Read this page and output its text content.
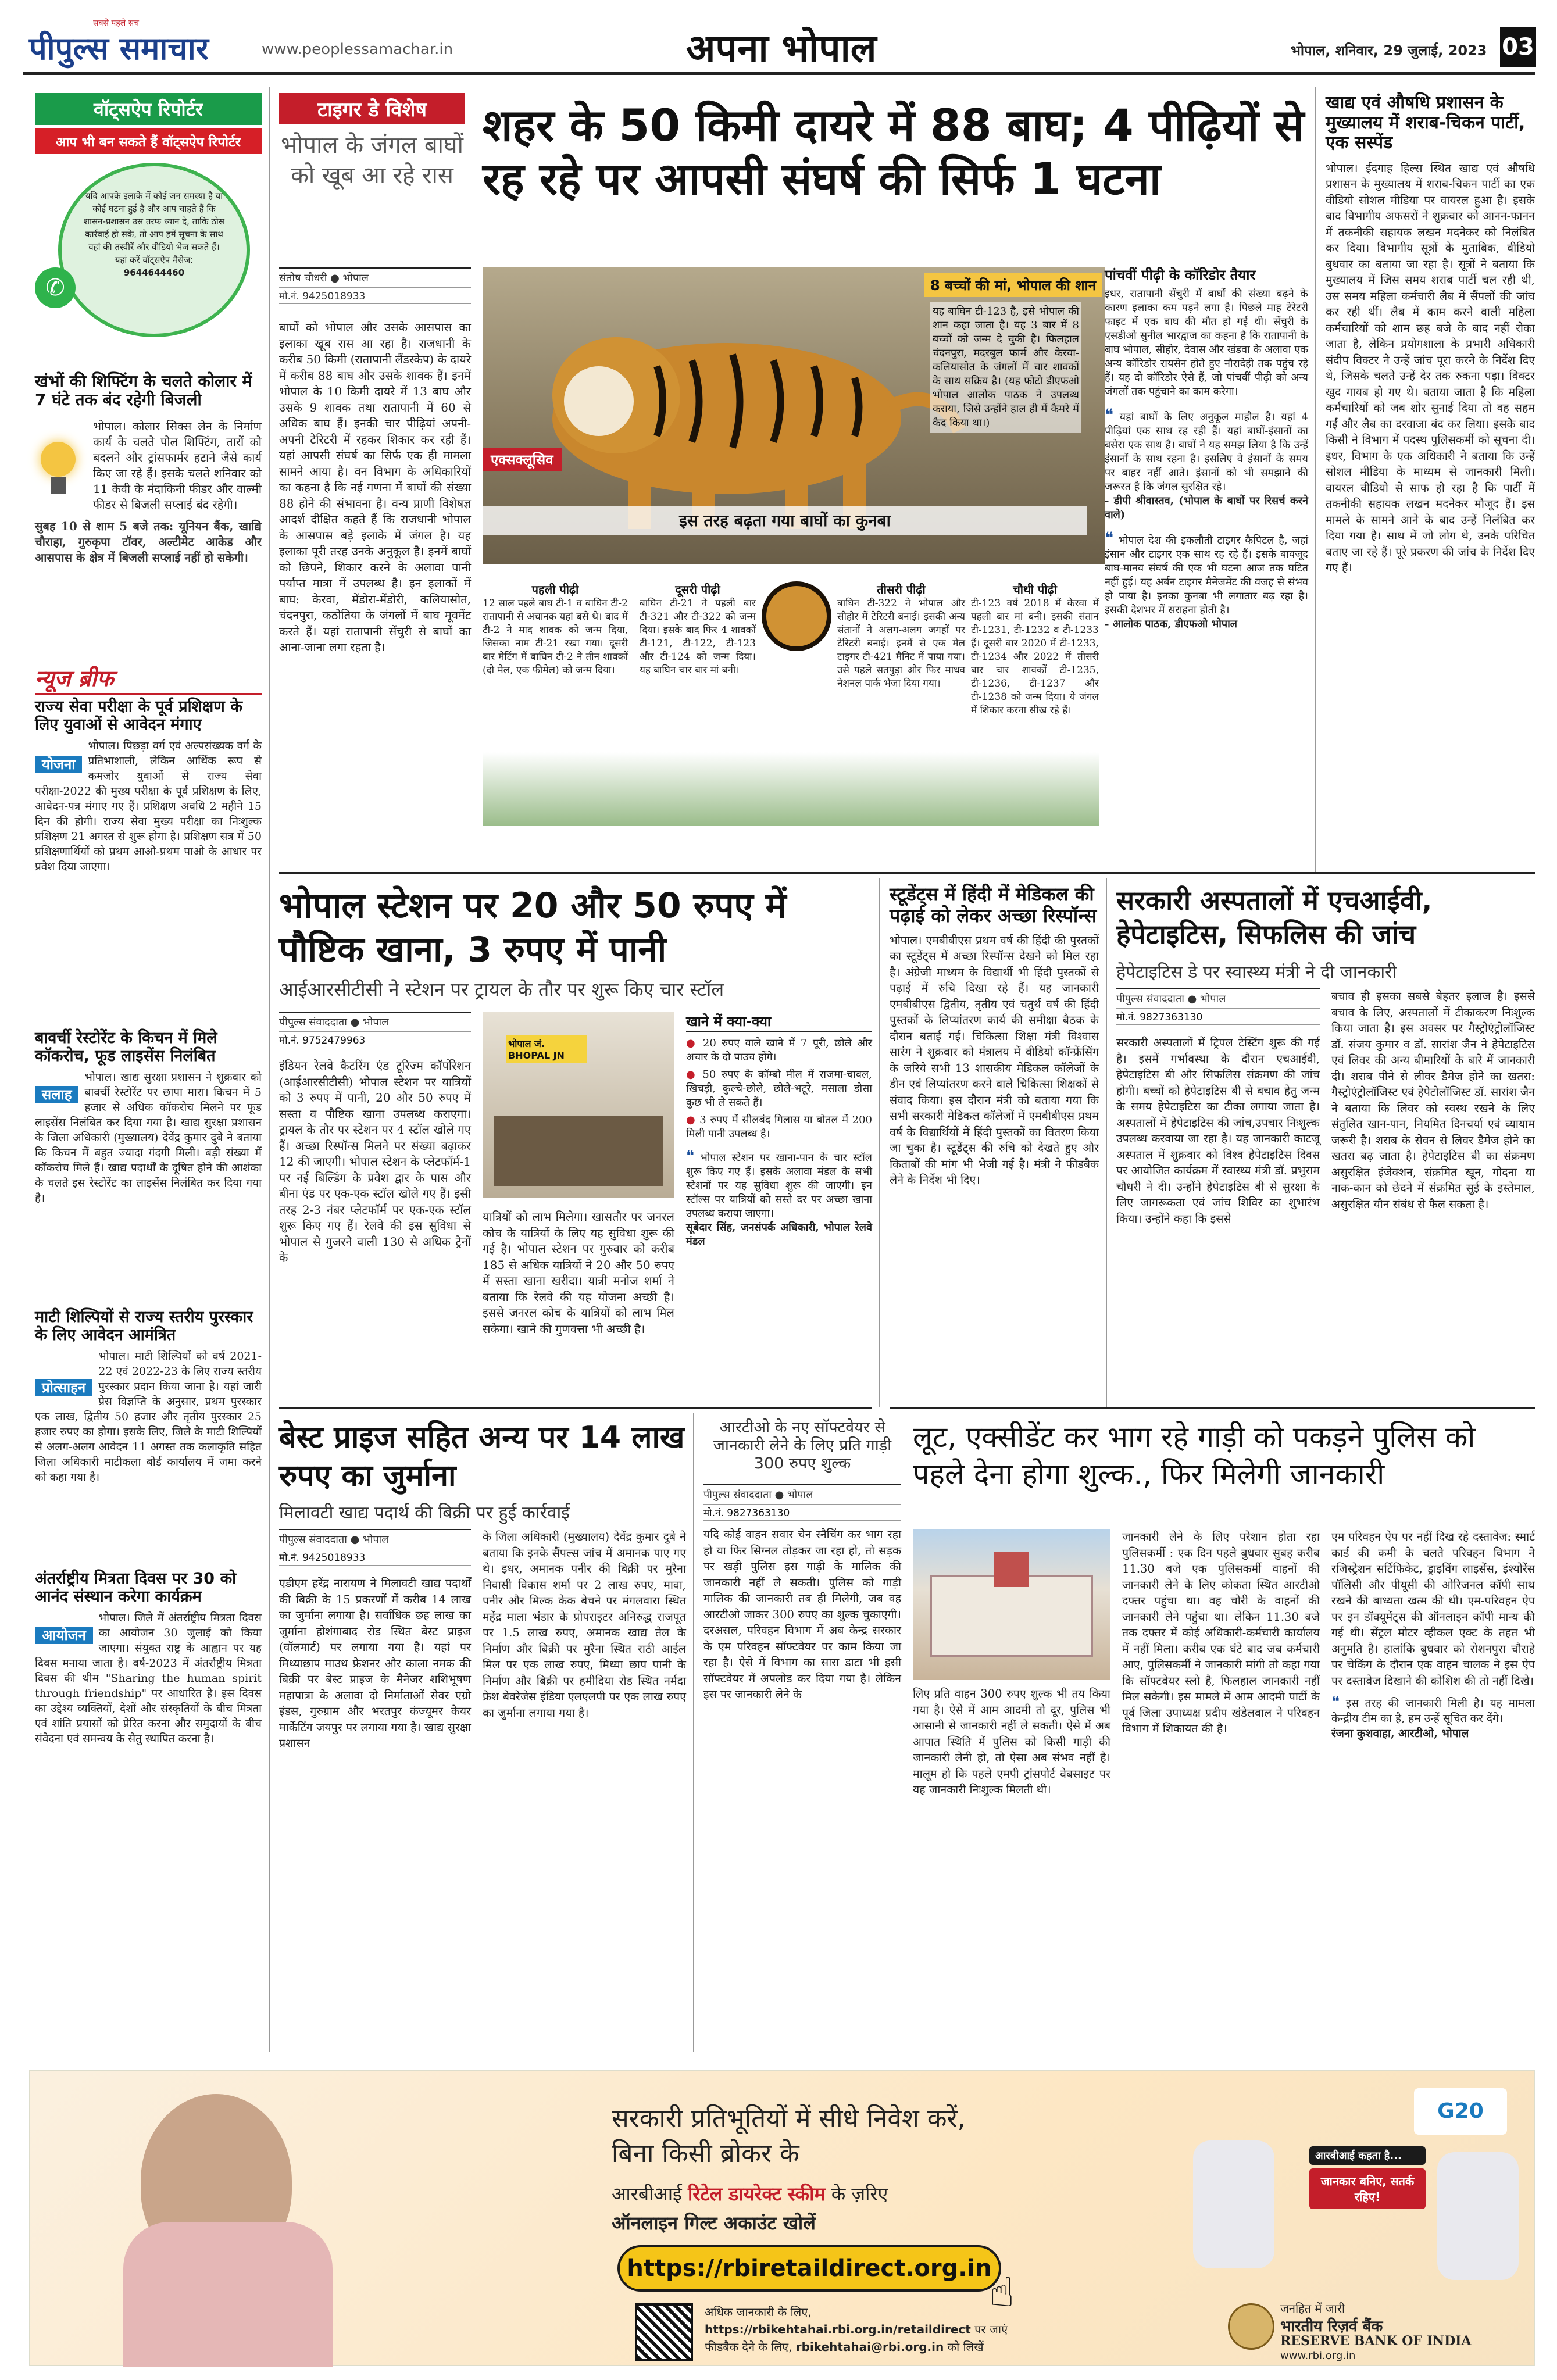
पीपुल्स समाचार
सबसे पहले सच
www.peoplessamachar.in	अपना भोपाल	भोपाल, शनिवार, 29 जुलाई, 2023 03
वॉट्सऐप रिपोर्टर
आप भी बन सकते हैं वॉट्सऐप रिपोर्टर
यदि आपके इलाके में कोई जन समस्या है या कोई घटना हुई है और आप चाहते हैं कि शासन-प्रशासन उस तरफ ध्यान दे, ताकि ठोस कार्रवाई हो सके, तो आप हमें सूचना के साथ वहां की तस्वीरें और वीडियो भेज सकते हैं। यहां करें वॉट्सऐप मैसेज:
9644644460
✆
खंभों की शिफ्टिंग के चलते कोलार में 7 घंटे तक बंद रहेगी बिजली
भोपाल। कोलार सिक्स लेन के निर्माण कार्य के चलते पोल शिफ्टिंग, तारों को बदलने और ट्रांसफार्मर हटाने जैसे कार्य किए जा रहे हैं। इसके चलते शनिवार को 11 केवी के मंदाकिनी फीडर और वाल्मी फीडर से बिजली सप्लाई बंद रहेगी।
सुबह 10 से शाम 5 बजे तक: यूनियन बैंक, खाद्यि चौराहा, गुरुकृपा टॉवर, अल्टीमेट आकेड और आसपास के क्षेत्र में बिजली सप्लाई नहीं हो सकेगी।
न्यूज ब्रीफ
राज्य सेवा परीक्षा के पूर्व प्रशिक्षण के लिए युवाओं से आवेदन मंगाए
योजना
भोपाल। पिछड़ा वर्ग एवं अल्पसंख्यक वर्ग के प्रतिभाशाली, लेकिन आर्थिक रूप से कमजोर युवाओं से राज्य सेवा परीक्षा-2022 की मुख्य परीक्षा के पूर्व प्रशिक्षण के लिए, आवेदन-पत्र मंगाए गए हैं। प्रशिक्षण अवधि 2 महीने 15 दिन की होगी। राज्य सेवा मुख्य परीक्षा का निःशुल्क प्रशिक्षण 21 अगस्त से शुरू होगा है। प्रशिक्षण सत्र में 50 प्रशिक्षणार्थियों को प्रथम आओ-प्रथम पाओ के आधार पर प्रवेश दिया जाएगा।
बावर्ची रेस्टोरेंट के किचन में मिले कॉकरोच, फूड लाइसेंस निलंबित
सलाह
भोपाल। खाद्य सुरक्षा प्रशासन ने शुक्रवार को बावर्ची रेस्टोरेंट पर छापा मारा। किचन में 5 हजार से अधिक कॉकरोच मिलने पर फूड लाइसेंस निलंबित कर दिया गया है। खाद्य सुरक्षा प्रशासन के जिला अधिकारी (मुख्यालय) देवेंद्र कुमार दुबे ने बताया कि किचन में बहुत ज्यादा गंदगी मिली। बड़ी संख्या में कॉकरोच मिले हैं। खाद्य पदार्थों के दूषित होने की आशंका के चलते इस रेस्टोरेंट का लाइसेंस निलंबित कर दिया गया है।
माटी शिल्पियों से राज्य स्तरीय पुरस्कार के लिए आवेदन आमंत्रित
प्रोत्साहन
भोपाल। माटी शिल्पियों को वर्ष 2021-22 एवं 2022-23 के लिए राज्य स्तरीय पुरस्कार प्रदान किया जाना है। यहां जारी प्रेस विज्ञप्ति के अनुसार, प्रथम पुरस्कार एक लाख, द्वितीय 50 हजार और तृतीय पुरस्कार 25 हजार रुपए का होगा। इसके लिए, जिले के माटी शिल्पियों से अलग-अलग आवेदन 11 अगस्त तक कलाकृति सहित जिला अधिकारी माटीकला बोर्ड कार्यालय में जमा करने को कहा गया है।
अंतर्राष्ट्रीय मित्रता दिवस पर 30 को आनंद संस्थान करेगा कार्यक्रम
आयोजन
भोपाल। जिले में अंतर्राष्ट्रीय मित्रता दिवस का आयोजन 30 जुलाई को किया जाएगा। संयुक्त राष्ट्र के आह्वान पर यह दिवस मनाया जाता है। वर्ष-2023 में अंतर्राष्ट्रीय मित्रता दिवस की थीम "Sharing the human spirit through friendship" पर आधारित है। इस दिवस का उद्देश्य व्यक्तियों, देशों और संस्कृतियों के बीच मित्रता एवं शांति प्रयासों को प्रेरित करना और समुदायों के बीच संवेदना एवं समन्वय के सेतु स्थापित करना है।
टाइगर डे विशेष
भोपाल के जंगल बाघों को खूब आ रहे रास
शहर के 50 किमी दायरे में 88 बाघ; 4 पीढ़ियों से रह रहे पर आपसी संघर्ष की सिर्फ 1 घटना
संतोष चौधरी ● भोपाल
मो.नं. 9425018933
बाघों को भोपाल और उसके आसपास का इलाका खूब रास आ रहा है। राजधानी के करीब 50 किमी (रातापानी लैंडस्केप) के दायरे में करीब 88 बाघ और उसके शावक हैं। इनमें भोपाल के 10 किमी दायरे में 13 बाघ और उसके 9 शावक तथा रातापानी में 60 से अधिक बाघ हैं। इनकी चार पीढ़ियां अपनी-अपनी टेरिटरी में रहकर शिकार कर रही हैं। यहां आपसी संघर्ष का सिर्फ एक ही मामला सामने आया है। वन विभाग के अधिकारियों का कहना है कि नई गणना में बाघों की संख्या 88 होने की संभावना है। वन्य प्राणी विशेषज्ञ आदर्श दीक्षित कहते हैं कि राजधानी भोपाल के आसपास बड़े इलाके में जंगल है। यह इलाका पूरी तरह उनके अनुकूल है। इनमें बाघों को छिपने, शिकार करने के अलावा पानी पर्याप्त मात्रा में उपलब्ध है। इन इलाकों में बाघ: केरवा, मेंडोरा-मेंडोरी, कलियासोत, चंदनपुरा, कठोतिया के जंगलों में बाघ मूवमेंट करते हैं। यहां रातापानी सेंचुरी से बाघों का आना-जाना लगा रहता है।
8 बच्चों की मां, भोपाल की शान
यह बाघिन टी-123 है, इसे भोपाल की शान कहा जाता है। यह 3 बार में 8 बच्चों को जन्म दे चुकी है। फिलहाल चंदनपुरा, मदरबुल फार्म और केरवा-कलियासोत के जंगलों में चार शावकों के साथ सक्रिय है। (यह फोटो डीएफओ भोपाल आलोक पाठक ने उपलब्ध कराया, जिसे उन्होंने हाल ही में कैमरे में कैद किया था।)
एक्सक्लूसिव
इस तरह बढ़ता गया बाघों का कुनबा
पांचवीं पीढ़ी के कॉरिडोर तैयार
इधर, रातापानी सेंचुरी में बाघों की संख्या बढ़ने के कारण इलाका कम पड़ने लगा है। पिछले माह टेरेटरी फाइट में एक बाघ की मौत हो गई थी। सेंचुरी के एसडीओ सुनील भारद्वाज का कहना है कि रातापानी के बाघ भोपाल, सीहोर, देवास और खंडवा के अलावा एक अन्य कॉरिडोर रायसेन होते हुए नौरादेही तक पहुंच रहे हैं। यह दो कॉरिडोर ऐसे हैं, जो पांचवीं पीढ़ी को अन्य जंगलों तक पहुंचाने का काम करेगा।
❝ यहां बाघों के लिए अनुकूल माहौल है। यहां 4 पीढ़ियां एक साथ रह रही हैं। यहां बाघों-इंसानों का बसेरा एक साथ है। बाघों ने यह समझ लिया है कि उन्हें इंसानों के साथ रहना है। इसलिए वे इंसानों के समय पर बाहर नहीं आते। इंसानों को भी समझाने की जरूरत है कि जंगल सुरक्षित रहे।
- डीपी श्रीवास्तव, (भोपाल के बाघों पर रिसर्च करने वाले)
❝ भोपाल देश की इकलौती टाइगर कैपिटल है, जहां इंसान और टाइगर एक साथ रह रहे हैं। इसके बावजूद बाघ-मानव संघर्ष की एक भी घटना आज तक घटित नहीं हुई। यह अर्बन टाइगर मैनेजमेंट की वजह से संभव हो पाया है। इनका कुनबा भी लगातार बढ़ रहा है। इसकी देशभर में सराहना होती है।
- आलोक पाठक, डीएफओ भोपाल
पहली पीढ़ी
12 साल पहले बाघ टी-1 व बाघिन टी-2 रातापानी से अचानक यहां बसे थे। बाद में टी-2 ने माद शावक को जन्म दिया, जिसका नाम टी-21 रखा गया। दूसरी बार मेटिंग में बाघिन टी-2 ने तीन शावकों (दो मेल, एक फीमेल) को जन्म दिया।
दूसरी पीढ़ी
बाघिन टी-21 ने पहली बार टी-321 और टी-322 को जन्म दिया। इसके बाद फिर 4 शावकों टी-121, टी-122, टी-123 और टी-124 को जन्म दिया। यह बाघिन चार बार मां बनी।
तीसरी पीढ़ी
बाघिन टी-322 ने भोपाल और सीहोर में टेरिटरी बनाई। इसकी अन्य संतानों ने अलग-अलग जगहों पर टेरिटरी बनाई। इनमें से एक मेल टाइगर टी-421 मैनिट में पाया गया। उसे पहले सतपुड़ा और फिर माधव नेशनल पार्क भेजा दिया गया।
चौथी पीढ़ी
टी-123 वर्ष 2018 में केरवा में पहली बार मां बनी। इसकी संतान टी-1231, टी-1232 व टी-1233 हैं। दूसरी बार 2020 में टी-1233, टी-1234 और 2022 में तीसरी बार चार शावकों टी-1235, टी-1236, टी-1237 और टी-1238 को जन्म दिया। ये जंगल में शिकार करना सीख रहे हैं।
खाद्य एवं औषधि प्रशासन के मुख्यालय में शराब-चिकन पार्टी, एक सस्पेंड
भोपाल। ईदगाह हिल्स स्थित खाद्य एवं औषधि प्रशासन के मुख्यालय में शराब-चिकन पार्टी का एक वीडियो सोशल मीडिया पर वायरल हुआ है। इसके बाद विभागीय अफसरों ने शुक्रवार को आनन-फानन में तकनीकी सहायक लखन मदनेकर को निलंबित कर दिया। विभागीय सूत्रों के मुताबिक, वीडियो बुधवार का बताया जा रहा है। सूत्रों ने बताया कि मुख्यालय में जिस समय शराब पार्टी चल रही थी, उस समय महिला कर्मचारी लैब में सैंपलों की जांच कर रही थीं। लैब में काम करने वाली महिला कर्मचारियों को शाम छह बजे के बाद नहीं रोका जाता है, लेकिन प्रयोगशाला के प्रभारी अधिकारी संदीप विक्टर ने उन्हें जांच पूरा करने के निर्देश दिए थे, जिसके चलते उन्हें देर तक रुकना पड़ा। विक्टर खुद गायब हो गए थे। बताया जाता है कि महिला कर्मचारियों को जब शोर सुनाई दिया तो वह सहम गईं और लैब का दरवाजा बंद कर लिया। इसके बाद किसी ने विभाग में पदस्थ पुलिसकर्मी को सूचना दी। इधर, विभाग के एक अधिकारी ने बताया कि उन्हें सोशल मीडिया के माध्यम से जानकारी मिली। वायरल वीडियो से साफ हो रहा है कि पार्टी में तकनीकी सहायक लखन मदनेकर मौजूद हैं। इस मामले के सामने आने के बाद उन्हें निलंबित कर दिया गया है। साथ में जो लोग थे, उनके परिचित बताए जा रहे हैं। पूरे प्रकरण की जांच के निर्देश दिए गए हैं।
भोपाल स्टेशन पर 20 और 50 रुपए में पौष्टिक खाना, 3 रुपए में पानी
आईआरसीटीसी ने स्टेशन पर ट्रायल के तौर पर शुरू किए चार स्टॉल
पीपुल्स संवाददाता ● भोपाल
मो.नं. 9752479963
इंडियन रेलवे कैटरिंग एंड टूरिज्म कॉर्पोरेशन (आईआरसीटीसी) भोपाल स्टेशन पर यात्रियों को 3 रुपए में पानी, 20 और 50 रुपए में सस्ता व पौष्टिक खाना उपलब्ध कराएगा। ट्रायल के तौर पर स्टेशन पर 4 स्टॉल खोले गए हैं। अच्छा रिस्पॉन्स मिलने पर संख्या बढ़ाकर 12 की जाएगी। भोपाल स्टेशन के प्लेटफॉर्म-1 पर नई बिल्डिंग के प्रवेश द्वार के पास और बीना एंड पर एक-एक स्टॉल खोले गए हैं। इसी तरह 2-3 नंबर प्लेटफॉर्म पर एक-एक स्टॉल शुरू किए गए हैं। रेलवे की इस सुविधा से भोपाल से गुजरने वाली 130 से अधिक ट्रेनों के
भोपाल जं.
BHOPAL JN
यात्रियों को लाभ मिलेगा। खासतौर पर जनरल कोच के यात्रियों के लिए यह सुविधा शुरू की गई है। भोपाल स्टेशन पर गुरुवार को करीब 185 से अधिक यात्रियों ने 20 और 50 रुपए में सस्ता खाना खरीदा। यात्री मनोज शर्मा ने बताया कि रेलवे की यह योजना अच्छी है। इससे जनरल कोच के यात्रियों को लाभ मिल सकेगा। खाने की गुणवत्ता भी अच्छी है।
खाने में क्या-क्या
● 20 रुपए वाले खाने में 7 पूरी, छोले और अचार के दो पाउच होंगे।
● 50 रुपए के कॉम्बो मील में राजमा-चावल, खिचड़ी, कुल्चे-छोले, छोले-भटूरे, मसाला डोसा कुछ भी ले सकते हैं।
● 3 रुपए में सीलबंद गिलास या बोतल में 200 मिली पानी उपलब्ध है।
❝ भोपाल स्टेशन पर खाना-पान के चार स्टॉल शुरू किए गए हैं। इसके अलावा मंडल के सभी स्टेशनों पर यह सुविधा शुरू की जाएगी। इन स्टॉल्स पर यात्रियों को सस्ते दर पर अच्छा खाना उपलब्ध कराया जाएगा।
सूबेदार सिंह, जनसंपर्क अधिकारी, भोपाल रेलवे मंडल
स्टूडेंट्स में हिंदी में मेडिकल की पढ़ाई को लेकर अच्छा रिस्पॉन्स
भोपाल। एमबीबीएस प्रथम वर्ष की हिंदी की पुस्तकों का स्टूडेंट्स में अच्छा रिस्पॉन्स देखने को मिल रहा है। अंग्रेजी माध्यम के विद्यार्थी भी हिंदी पुस्तकों से पढ़ाई में रुचि दिखा रहे हैं। यह जानकारी एमबीबीएस द्वितीय, तृतीय एवं चतुर्थ वर्ष की हिंदी पुस्तकों के लिप्यांतरण कार्य की समीक्षा बैठक के दौरान बताई गई। चिकित्सा शिक्षा मंत्री विश्वास सारंग ने शुक्रवार को मंत्रालय में वीडियो कॉन्फ्रेंसिंग के जरिये सभी 13 शासकीय मेडिकल कॉलेजों के डीन एवं लिप्यांतरण करने वाले चिकित्सा शिक्षकों से संवाद किया। इस दौरान मंत्री को बताया गया कि सभी सरकारी मेडिकल कॉलेजों में एमबीबीएस प्रथम वर्ष के विद्यार्थियों में हिंदी पुस्तकों का वितरण किया जा चुका है। स्टूडेंट्स की रुचि को देखते हुए और किताबों की मांग भी भेजी गई है। मंत्री ने फीडबैक लेने के निर्देश भी दिए।
सरकारी अस्पतालों में एचआईवी, हेपेटाइटिस, सिफलिस की जांच
हेपेटाइटिस डे पर स्वास्थ्य मंत्री ने दी जानकारी
पीपुल्स संवाददाता ● भोपाल
मो.नं. 9827363130
सरकारी अस्पतालों में ट्रिपल टेस्टिंग शुरू की गई है। इसमें गर्भावस्था के दौरान एचआईवी, हेपेटाइटिस बी और सिफलिस संक्रमण की जांच होगी। बच्चों को हेपेटाइटिस बी से बचाव हेतु जन्म के समय हेपेटाइटिस का टीका लगाया जाता है। अस्पतालों में हेपेटाइटिस की जांच,उपचार निःशुल्क उपलब्ध करवाया जा रहा है। यह जानकारी काटजू अस्पताल में शुक्रवार को विश्व हेपेटाइटिस दिवस पर आयोजित कार्यक्रम में स्वास्थ्य मंत्री डॉ. प्रभुराम चौधरी ने दी। उन्होंने हेपेटाइटिस बी से सुरक्षा के लिए जागरूकता एवं जांच शिविर का शुभारंभ किया। उन्होंने कहा कि इससे
बचाव ही इसका सबसे बेहतर इलाज है। इससे बचाव के लिए, अस्पतालों में टीकाकरण निःशुल्क किया जाता है। इस अवसर पर गैस्ट्रोएंट्रोलॉजिस्ट डॉ. संजय कुमार व डॉ. सारांश जैन ने हेपेटाइटिस एवं लिवर की अन्य बीमारियों के बारे में जानकारी दी। शराब पीने से लीवर डैमेज होने का खतरा: गैस्ट्रोएंट्रोलॉजिस्ट एवं हेपेटोलॉजिस्ट डॉ. सारांश जैन ने बताया कि लिवर को स्वस्थ रखने के लिए संतुलित खान-पान, नियमित दिनचर्या एवं व्यायाम जरूरी है। शराब के सेवन से लिवर डैमेज होने का खतरा बढ़ जाता है। हेपेटाइटिस बी का संक्रमण असुरक्षित इंजेक्शन, संक्रमित खून, गोदना या नाक-कान को छेदने में संक्रमित सुई के इस्तेमाल, असुरक्षित यौन संबंध से फैल सकता है।
बेस्ट प्राइज सहित अन्य पर 14 लाख रुपए का जुर्माना
मिलावटी खाद्य पदार्थ की बिक्री पर हुई कार्रवाई
पीपुल्स संवाददाता ● भोपाल
मो.नं. 9425018933
एडीएम हरेंद्र नारायण ने मिलावटी खाद्य पदार्थों की बिक्री के 15 प्रकरणों में करीब 14 लाख का जुर्माना लगाया है। सर्वाधिक छह लाख का जुर्माना होशंगाबाद रोड स्थित बेस्ट प्राइज (वॉलमार्ट) पर लगाया गया है। यहां पर मिथ्याछाप माउथ फ्रेशनर और काला नमक की बिक्री पर बेस्ट प्राइज के मैनेजर शशिभूषण महापात्रा के अलावा दो निर्माताओं सेवर एग्रो इंडस, गुरुग्राम और भरतपुर कंज्यूमर केयर मार्केटिंग जयपुर पर लगाया गया है। खाद्य सुरक्षा प्रशासन
के जिला अधिकारी (मुख्यालय) देवेंद्र कुमार दुबे ने बताया कि इनके सैंपल्स जांच में अमानक पाए गए थे। इधर, अमानक पनीर की बिक्री पर मुरैना निवासी विकास शर्मा पर 2 लाख रुपए, मावा, पनीर और मिल्क केक बेचने पर मंगलवारा स्थित महेंद्र माला भंडार के प्रोपराइटर अनिरुद्ध राजपूत पर 1.5 लाख रुपए, अमानक खाद्य तेल के निर्माण और बिक्री पर मुरैना स्थित राठी आईल मिल पर एक लाख रुपए, मिथ्या छाप पानी के निर्माण और बिक्री पर हमीदिया रोड स्थित नर्मदा फ्रेश बेवरेजेस इंडिया एलएलपी पर एक लाख रुपए का जुर्माना लगाया गया है।
आरटीओ के नए सॉफ्टवेयर से जानकारी लेने के लिए प्रति गाड़ी 300 रुपए शुल्क
पीपुल्स संवाददाता ● भोपाल
मो.नं. 9827363130
यदि कोई वाहन सवार चेन स्नैचिंग कर भाग रहा हो या फिर सिग्नल तोड़कर जा रहा हो, तो सड़क पर खड़ी पुलिस इस गाड़ी के मालिक की जानकारी नहीं ले सकती। पुलिस को गाड़ी मालिक की जानकारी तब ही मिलेगी, जब वह आरटीओ जाकर 300 रुपए का शुल्क चुकाएगी। दरअसल, परिवहन विभाग में अब केन्द्र सरकार के एम परिवहन सॉफ्टवेयर पर काम किया जा रहा है। ऐसे में विभाग का सारा डाटा भी इसी सॉफ्टवेयर में अपलोड कर दिया गया है। लेकिन इस पर जानकारी लेने के
लूट, एक्सीडेंट कर भाग रहे गाड़ी को पकड़ने पुलिस को पहले देना होगा शुल्क., फिर मिलेगी जानकारी
लिए प्रति वाहन 300 रुपए शुल्क भी तय किया गया है। ऐसे में आम आदमी तो दूर, पुलिस भी आसानी से जानकारी नहीं ले सकती। ऐसे में अब आपात स्थिति में पुलिस को किसी गाड़ी की जानकारी लेनी हो, तो ऐसा अब संभव नहीं है। मालूम हो कि पहले एमपी ट्रांसपोर्ट वेबसाइट पर यह जानकारी निःशुल्क मिलती थी।
जानकारी लेने के लिए परेशान होता रहा पुलिसकर्मी : एक दिन पहले बुधवार सुबह करीब 11.30 बजे एक पुलिसकर्मी वाहनों की जानकारी लेने के लिए कोकता स्थित आरटीओ दफ्तर पहुंचा था। वह चोरी के वाहनों की जानकारी लेने पहुंचा था। लेकिन 11.30 बजे तक दफ्तर में कोई अधिकारी-कर्मचारी कार्यालय में नहीं मिला। करीब एक घंटे बाद जब कर्मचारी आए, पुलिसकर्मी ने जानकारी मांगी तो कहा गया कि सॉफ्टवेयर स्लो है, फिलहाल जानकारी नहीं मिल सकेगी। इस मामले में आम आदमी पार्टी के पूर्व जिला उपाध्यक्ष प्रदीप खंडेलवाल ने परिवहन विभाग में शिकायत की है।
एम परिवहन ऐप पर नहीं दिख रहे दस्तावेज: स्मार्ट कार्ड की कमी के चलते परिवहन विभाग ने रजिस्ट्रेशन सर्टिफिकेट, ड्राइविंग लाइसेंस, इंश्योरेंस पॉलिसी और पीयूसी की ओरिजनल कॉपी साथ रखने की बाध्यता खत्म की थी। एम-परिवहन ऐप पर इन डॉक्यूमेंट्स की ऑनलाइन कॉपी मान्य की गई थी। सेंट्रल मोटर व्हीकल एक्ट के तहत भी अनुमति है। हालांकि बुधवार को रोशनपुरा चौराहे पर चेकिंग के दौरान एक वाहन चालक ने इस ऐप पर दस्तावेज दिखाने की कोशिश की तो नहीं दिखे।
❝ इस तरह की जानकारी मिली है। यह मामला केन्द्रीय टीम का है, हम उन्हें सूचित कर देंगे।
रंजना कुशवाहा, आरटीओ, भोपाल
सरकारी प्रतिभूतियों में सीधे निवेश करें,
बिना किसी ब्रोकर के
आरबीआई रिटेल डायरेक्ट स्कीम के ज़रिए
ऑनलाइन गिल्ट अकाउंट खोलें
https://rbiretaildirect.org.in
☝
अधिक जानकारी के लिए,
https://rbikehtahai.rbi.org.in/retaildirect पर जाएं
फीडबैक देने के लिए, rbikehtahai@rbi.org.in को लिखें
G20
आरबीआई कहता है...
जानकार बनिए, सतर्क रहिए!
जनहित में जारी
भारतीय रिज़र्व बैंक
RESERVE BANK OF INDIA
www.rbi.org.in
